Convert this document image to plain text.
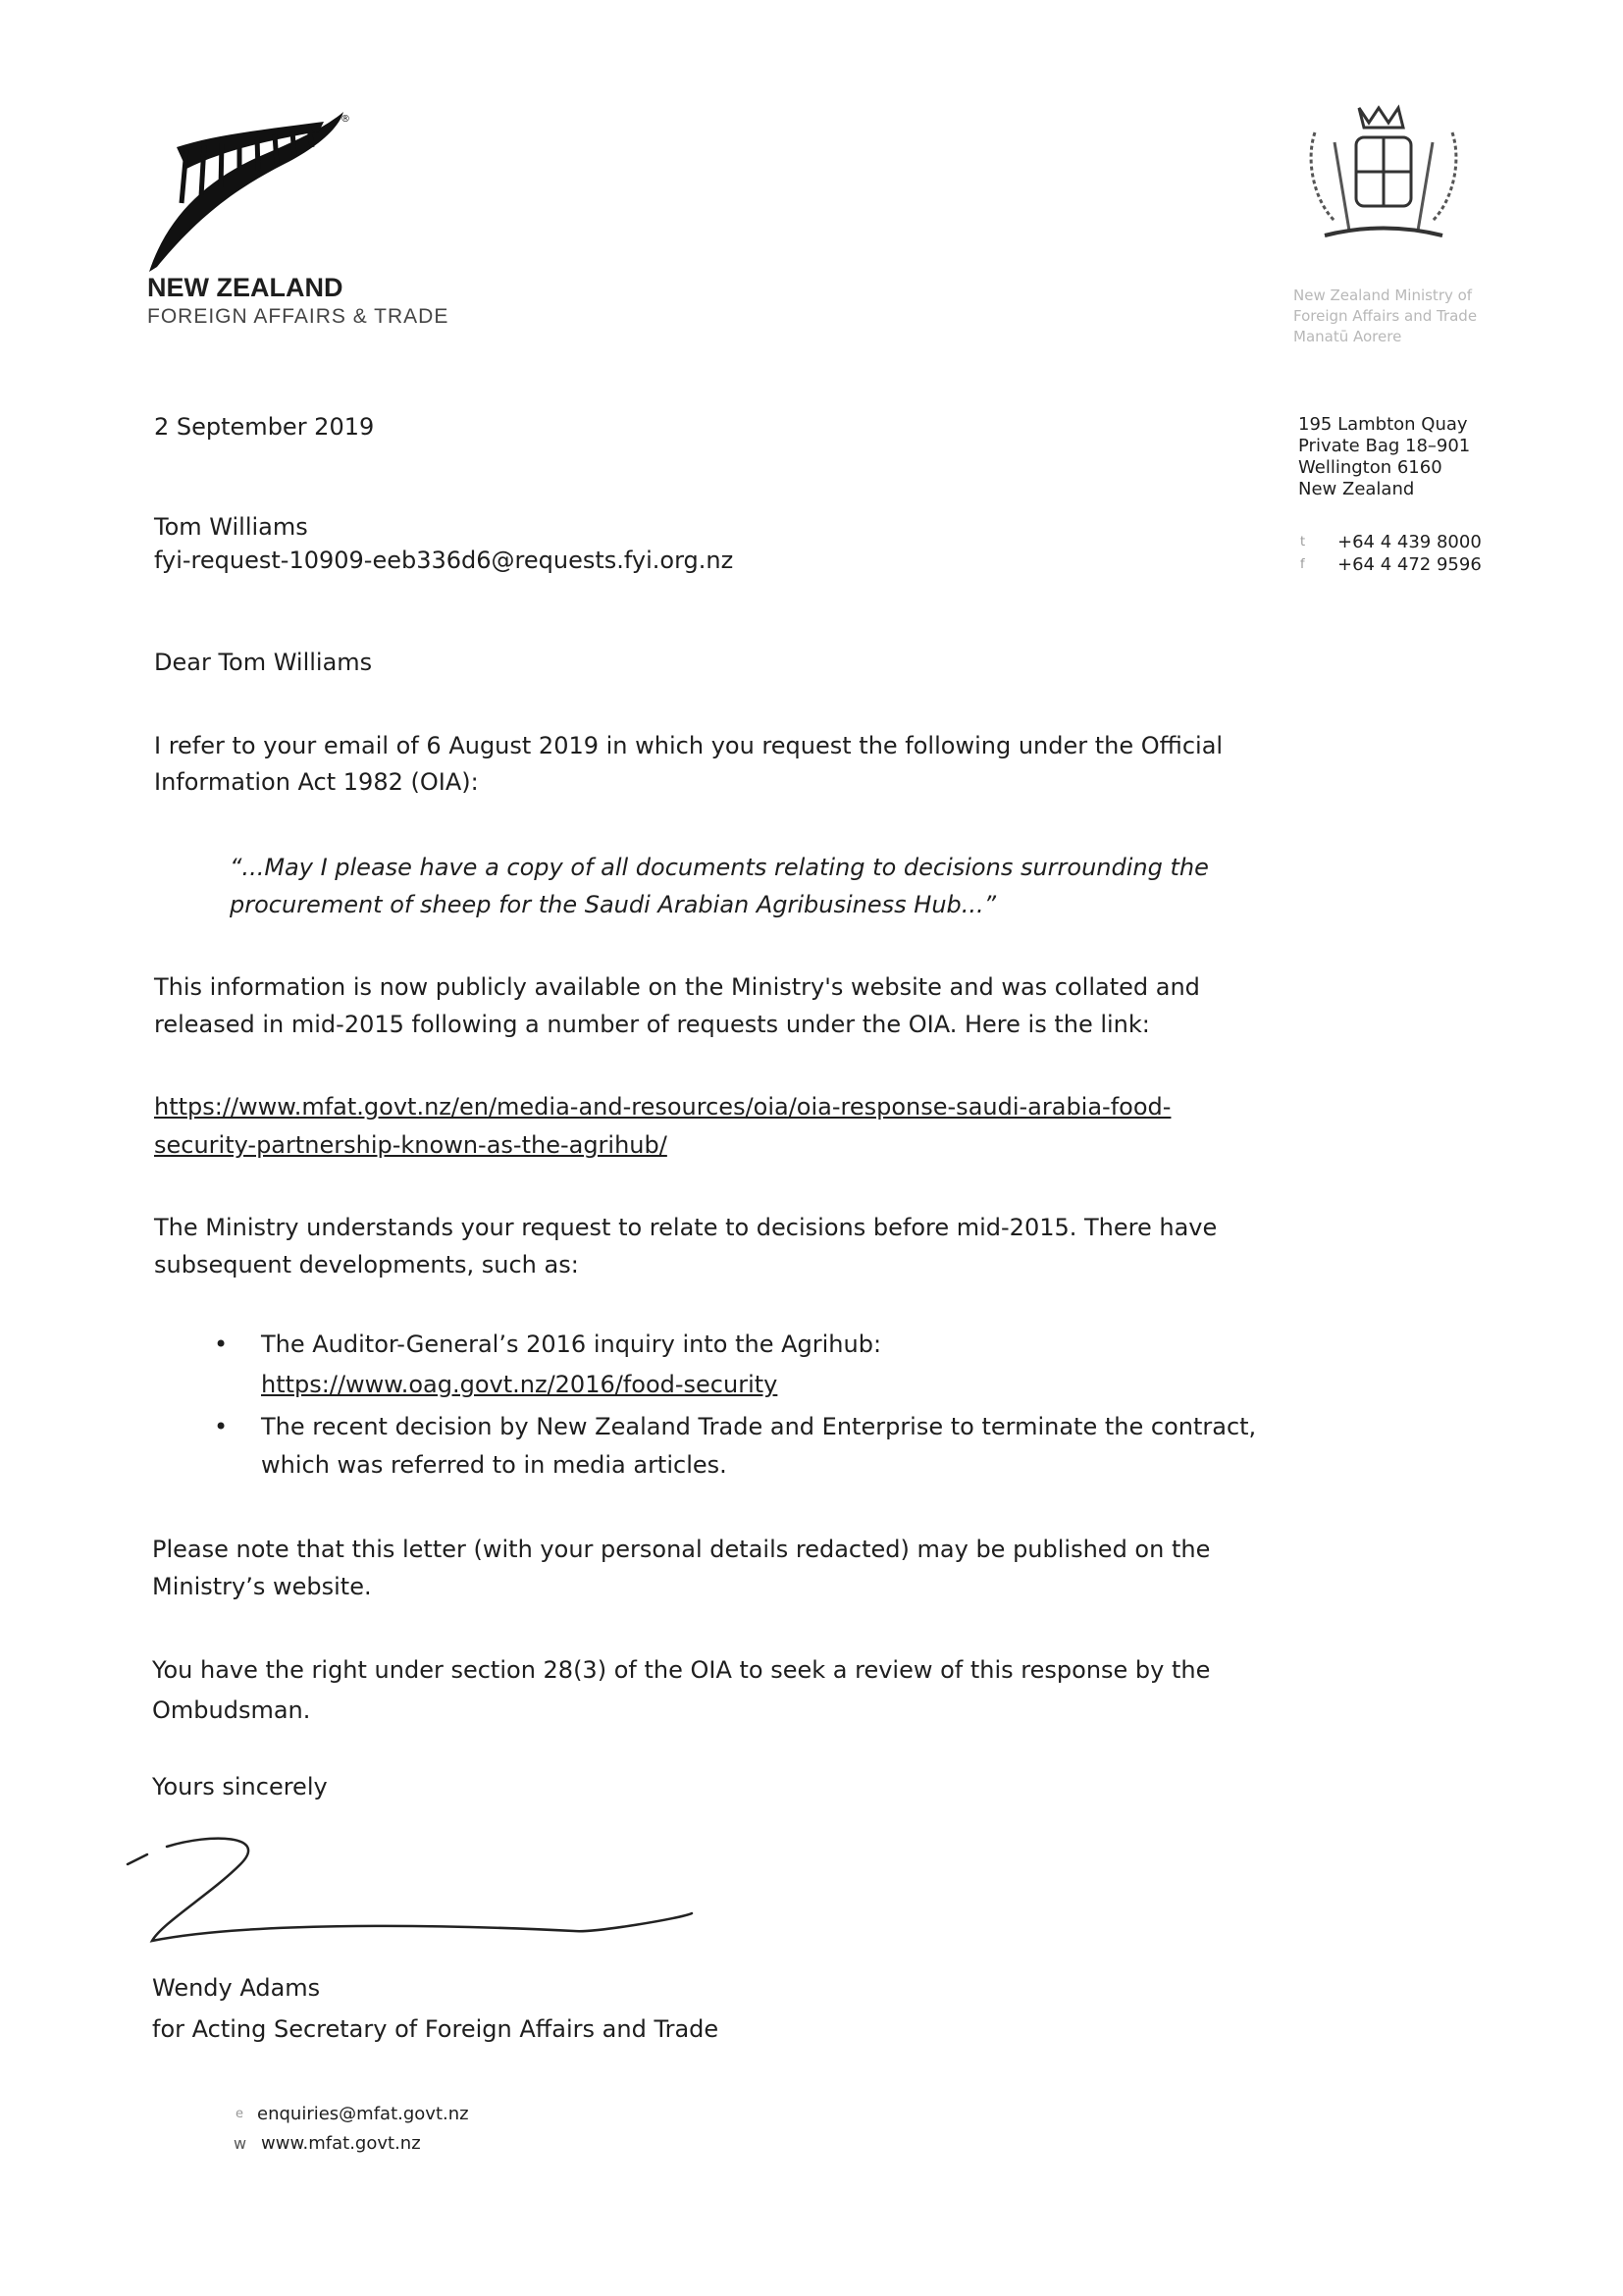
®
NEW ZEALAND
FOREIGN AFFAIRS & TRADE
New Zealand Ministry of
Foreign Affairs and Trade
Manatū Aorere
195 Lambton Quay
Private Bag 18–901
Wellington 6160
New Zealand
t +64 4 439 8000
f +64 4 472 9596
2 September 2019
Tom Williams
fyi-request-10909-eeb336d6@requests.fyi.org.nz
Dear Tom Williams
I refer to your email of 6 August 2019 in which you request the following under the Official
Information Act 1982 (OIA):
“...May I please have a copy of all documents relating to decisions surrounding the
procurement of sheep for the Saudi Arabian Agribusiness Hub...”
This information is now publicly available on the Ministry's website and was collated and
released in mid-2015 following a number of requests under the OIA. Here is the link:
https://www.mfat.govt.nz/en/media-and-resources/oia/oia-response-saudi-arabia-food-
security-partnership-known-as-the-agrihub/
The Ministry understands your request to relate to decisions before mid-2015. There have
subsequent developments, such as:
• The Auditor-General’s 2016 inquiry into the Agrihub:
https://www.oag.govt.nz/2016/food-security
• The recent decision by New Zealand Trade and Enterprise to terminate the contract,
which was referred to in media articles.
Please note that this letter (with your personal details redacted) may be published on the
Ministry’s website.
You have the right under section 28(3) of the OIA to seek a review of this response by the
Ombudsman.
Yours sincerely
Wendy Adams
for Acting Secretary of Foreign Affairs and Trade
e enquiries@mfat.govt.nz
w www.mfat.govt.nz
